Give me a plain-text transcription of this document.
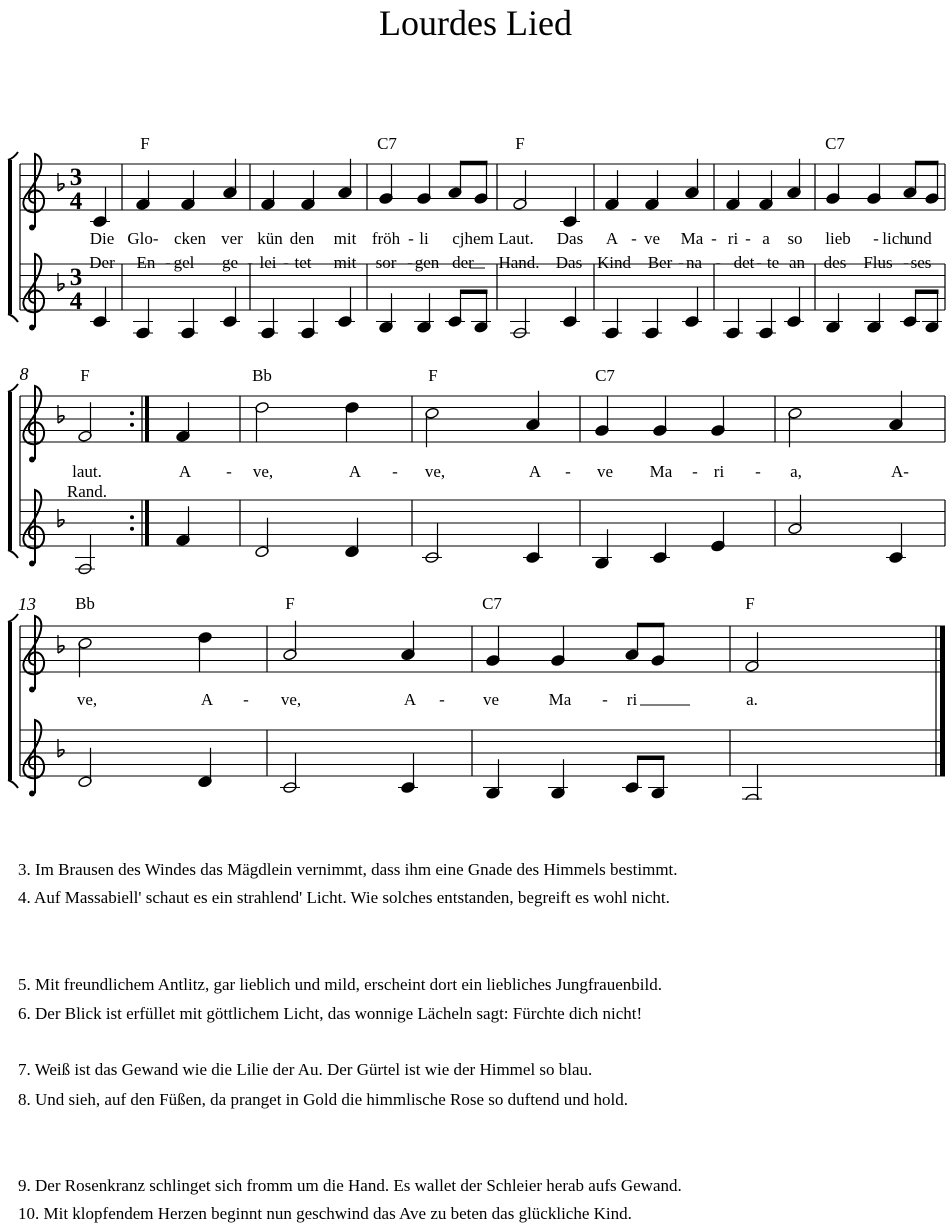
Lourdes Lied
3
4
3
4
8
13
F	C7	F	C7
F	Bb	F	C7
Bb	F	C7	F
Die Glo- cken ver kün den mit fröh - li cjhem Laut. Das A - ve Ma - ri - a so lieb - lich
und
Der En - gel ge - lei - tet mit sor - gen der Hand. Das Kind Ber - na - det - te an des Flus - ses
laut.	A - ve,	A - ve,	A - ve Ma - ri - a,	A-
Rand.
ve,	A - ve,	A - ve	Ma - ri	a.
3. Im Brausen des Windes das Mägdlein vernimmt, dass ihm eine Gnade des Himmels bestimmt.
4. Auf Massabiell' schaut es ein strahlend' Licht. Wie solches entstanden, begreift es wohl nicht.
5. Mit freundlichem Antlitz, gar lieblich und mild, erscheint dort ein liebliches Jungfrauenbild.
6. Der Blick ist erfüllet mit göttlichem Licht, das wonnige Lächeln sagt: Fürchte dich nicht!
7. Weiß ist das Gewand wie die Lilie der Au. Der Gürtel ist wie der Himmel so blau.
8. Und sieh, auf den Füßen, da pranget in Gold die himmlische Rose so duftend und hold.
9. Der Rosenkranz schlinget sich fromm um die Hand. Es wallet der Schleier herab aufs Gewand.
10. Mit klopfendem Herzen beginnt nun geschwind das Ave zu beten das glückliche Kind.
